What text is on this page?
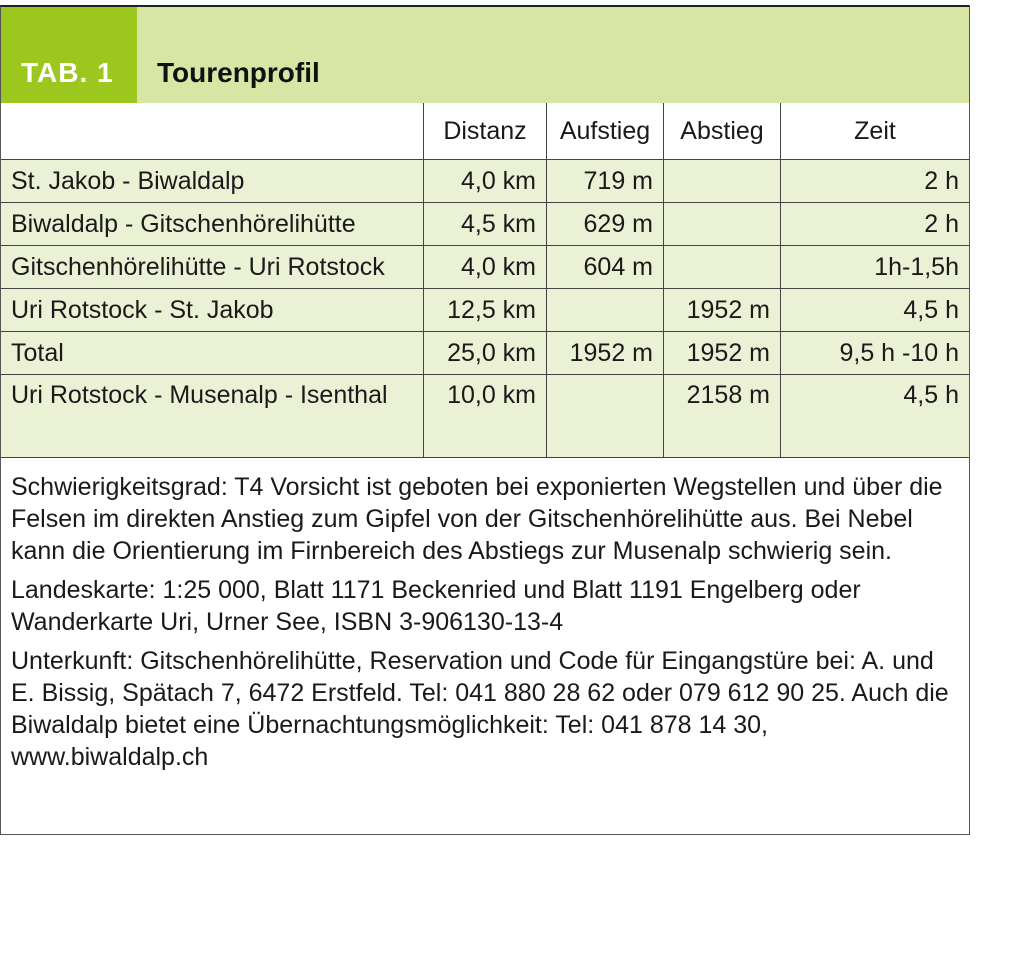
TAB. 1	Tourenprofil
	Distanz	Aufstieg	Abstieg	Zeit
St. Jakob - Biwaldalp	4,0 km	719 m		2 h
Biwaldalp - Gitschenhörelihütte	4,5 km	629 m		2 h
Gitschenhörelihütte - Uri Rotstock	4,0 km	604 m		1h-1,5h
Uri Rotstock - St. Jakob	12,5 km		1952 m	4,5 h
Total	25,0 km	1952 m	1952 m	9,5 h -10 h
Uri Rotstock - Musenalp - Isenthal	10,0 km		2158 m	4,5 h

Schwierigkeitsgrad: T4 Vorsicht ist geboten bei exponierten Wegstellen und über die Felsen im direkten Anstieg zum Gipfel von der Gitschenhörelihütte aus. Bei Nebel kann die Orientierung im Firnbereich des Abstiegs zur Musenalp schwierig sein.

Landeskarte: 1:25 000, Blatt 1171 Beckenried und Blatt 1191 Engelberg oder Wanderkarte Uri, Urner See, ISBN 3-906130-13-4

Unterkunft: Gitschenhörelihütte, Reservation und Code für Eingangstüre bei: A. und E. Bissig, Spätach 7, 6472 Erstfeld. Tel: 041 880 28 62 oder 079 612 90 25. Auch die Biwaldalp bietet eine Übernachtungsmöglichkeit: Tel: 041 878 14 30, www.biwaldalp.ch
